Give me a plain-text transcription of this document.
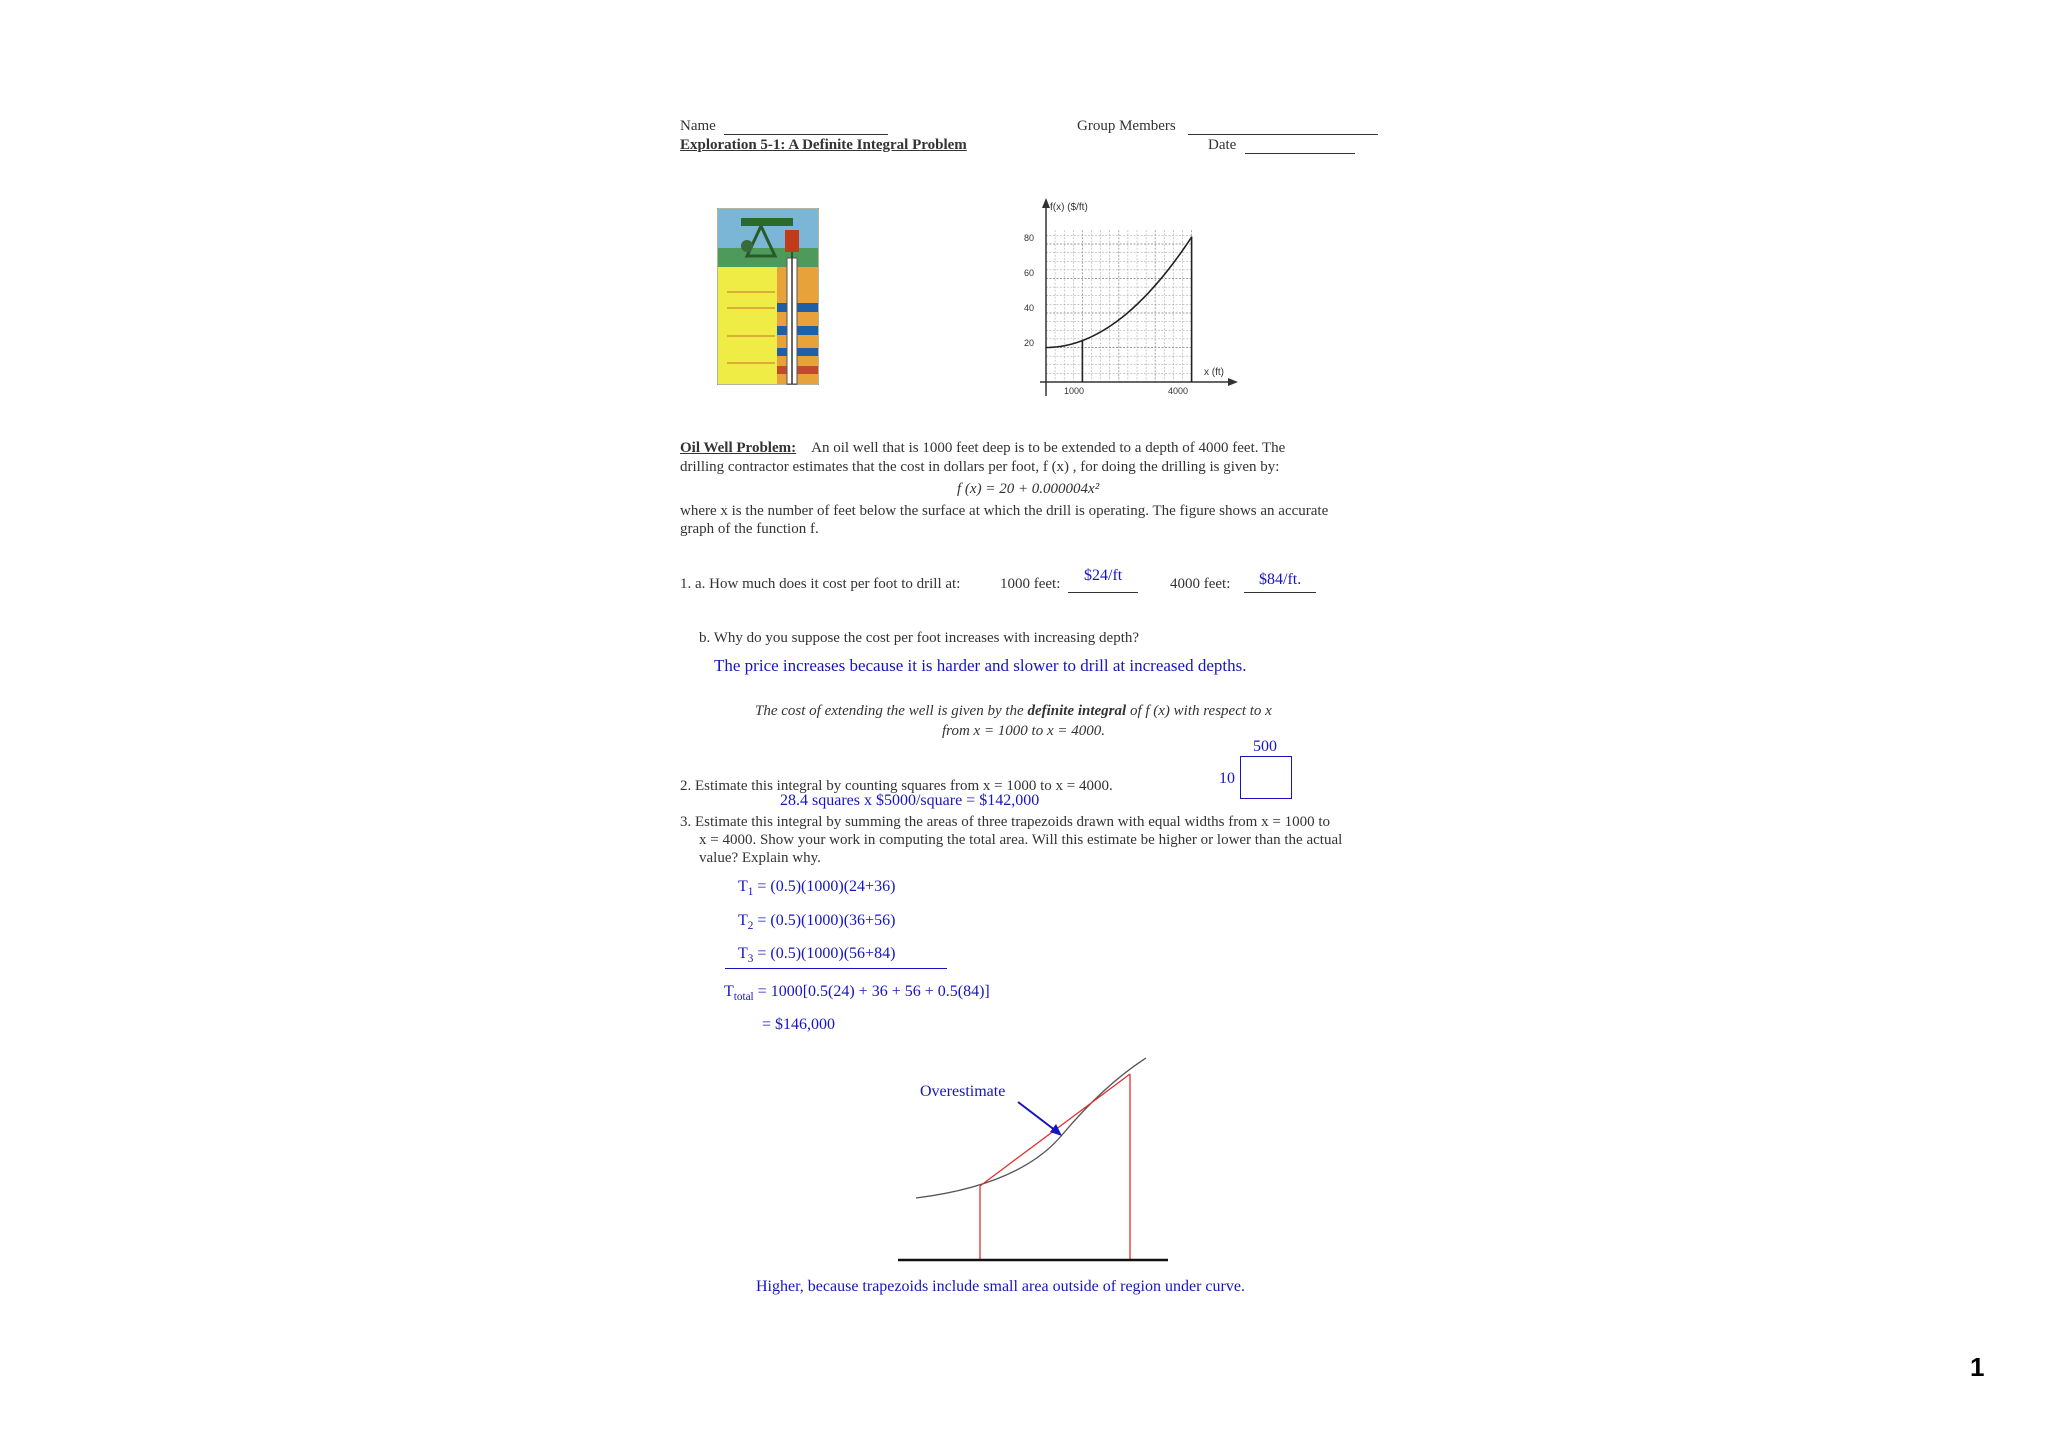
Name	Group Members
Exploration 5-1: A Definite Integral Problem	Date
f(x) ($/ft)
x (ft)
80
60
40
20
1000	4000
Oil Well Problem: An oil well that is 1000 feet deep is to be extended to a depth of 4000 feet. The
drilling contractor estimates that the cost in dollars per foot, f (x) , for doing the drilling is given by:
f (x) = 20 + 0.000004x²
where x is the number of feet below the surface at which the drill is operating. The figure shows an accurate
graph of the function f.
1. a. How much does it cost per foot to drill at:	1000 feet: $24/ft	4000 feet: $84/ft.
b. Why do you suppose the cost per foot increases with increasing depth?
The price increases because it is harder and slower to drill at increased depths.
The cost of extending the well is given by the definite integral of f (x) with respect to x
from x = 1000 to x = 4000.
2. Estimate this integral by counting squares from x = 1000 to x = 4000.
28.4 squares x $5000/square = $142,000
500
10
3. Estimate this integral by summing the areas of three trapezoids drawn with equal widths from x = 1000 to
x = 4000. Show your work in computing the total area. Will this estimate be higher or lower than the actual
value? Explain why.
$T_1 = (0.5)(1000)(24+36)$
$T_2 = (0.5)(1000)(36+56)$
$T_3 = (0.5)(1000)(56+84)$
$T_{total} = 1000[0.5(24) + 36 + 56 + 0.5(84)]$
= $146,000
Overestimate
Higher, because trapezoids include small area outside of region under curve.
1
